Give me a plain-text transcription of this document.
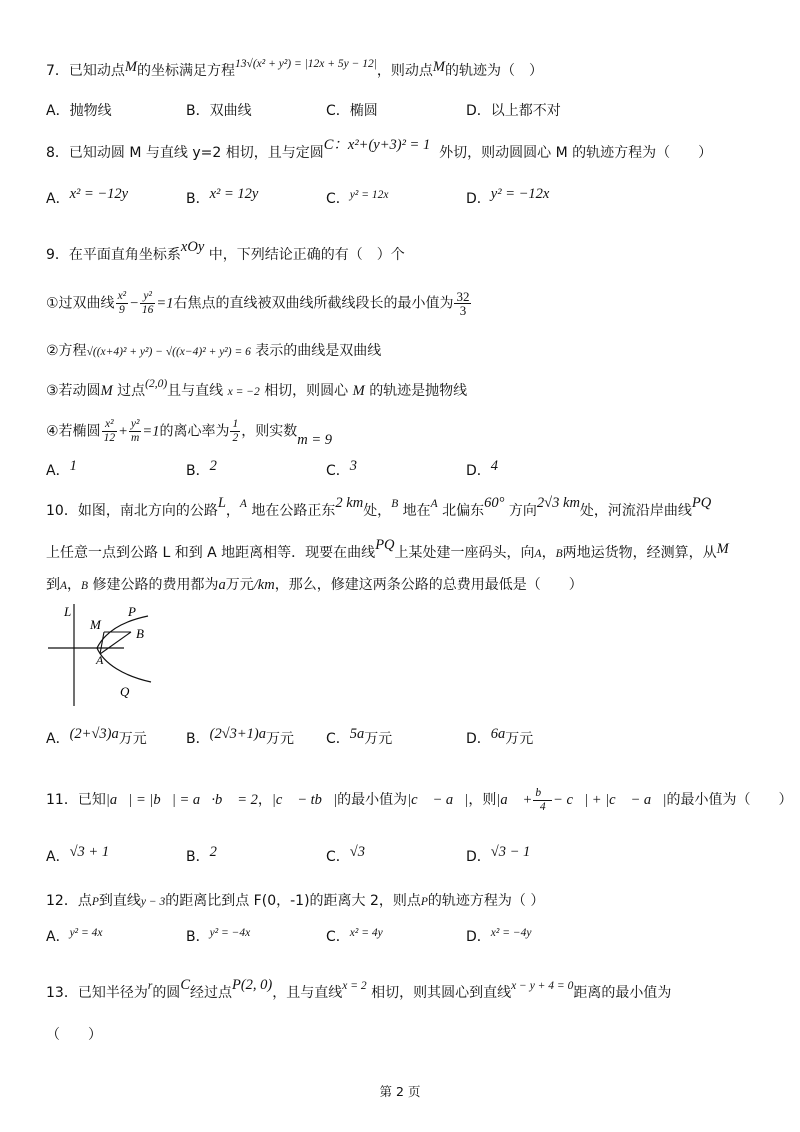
7．已知动点M的坐标满足方程$^{13√(x^2 + y^2) = |12x + 5y - 12|}$，则动点M的轨迹为（　）
A．抛物线	B．双曲线	C．椭圆	D．以上都不对
8．已知动圆 M 与直线 y=2 相切，且与定圆C：x²+(y+3)² = 1 外切，则动圆圆心 M 的轨迹方程为（　　）
A．x² = −12y	B．x² = 12y	C．$^{y^2 = 12x}$	D．y² = −12x
9．在平面直角坐标系xOy 中，下列结论正确的有（　）个
①过双曲线 $\frac{\text{x²}}{9} - \frac{\text{y²}}{16} =1$右焦点的直线被双曲线所截线段长的最小值为 $\frac{32}{3}$
②方程√((x+4)² + y²) − √((x−4)² + y²) = 6 表示的曲线是双曲线
③若动圆M 过点$^{(2,0)}$且与直线 x = −2 相切，则圆心 M 的轨迹是抛物线
④若椭圆 $\frac{\text{x²}}{12} + \frac{\text{y²}}{m} =1$的离心率为 $\frac{1}{2}$ ，则实数m = 9
A．1	B．2	C．3	D．4
10．如图，南北方向的公路L，$^A$ 地在公路正东2 km处，$^B$ 地在$^A$ 北偏东60° 方向2√3 km处，河流沿岸曲线PQ
上任意一点到公路 L 和到 A 地距离相等．现要在曲线PQ上某处建一座码头，向A，B两地运货物，经测算，从M
到A，B 修建公路的费用都为a万元/km，那么，修建这两条公路的总费用最低是（　　）
L	P
M
B
A
Q
A．(2+√3)a万元	B．(2√3+1)a万元 C．5a万元	D．6a万元
11．已知|a⃗| = |b⃗| = a⃗·b⃗ = 2，|c⃗ − tb⃗|的最小值为|c⃗ − a⃗|，则|a⃗ + $\frac{b⃗}{4}$ − c⃗| + |c⃗ − a⃗|的最小值为（　　）
A．√3 + 1	B．2	C．√3	D．√3 − 1
12．点P到直线y − 3的距离比到点 F(0，-1)的距离大 2，则点P的轨迹方程为（ ）
A．$^{y^2 = 4x}$	B．$^{y^2 = -4x}$	C．$^{x^2 = 4y}$	D．$^{x^2 = -4y}$
13．已知半径为$^r$的圆C经过点P(2, 0)，且与直线$^{x = 2}$ 相切，则其圆心到直线$^{x - y + 4 = 0}$距离的最小值为
（　　）
第 2 页
